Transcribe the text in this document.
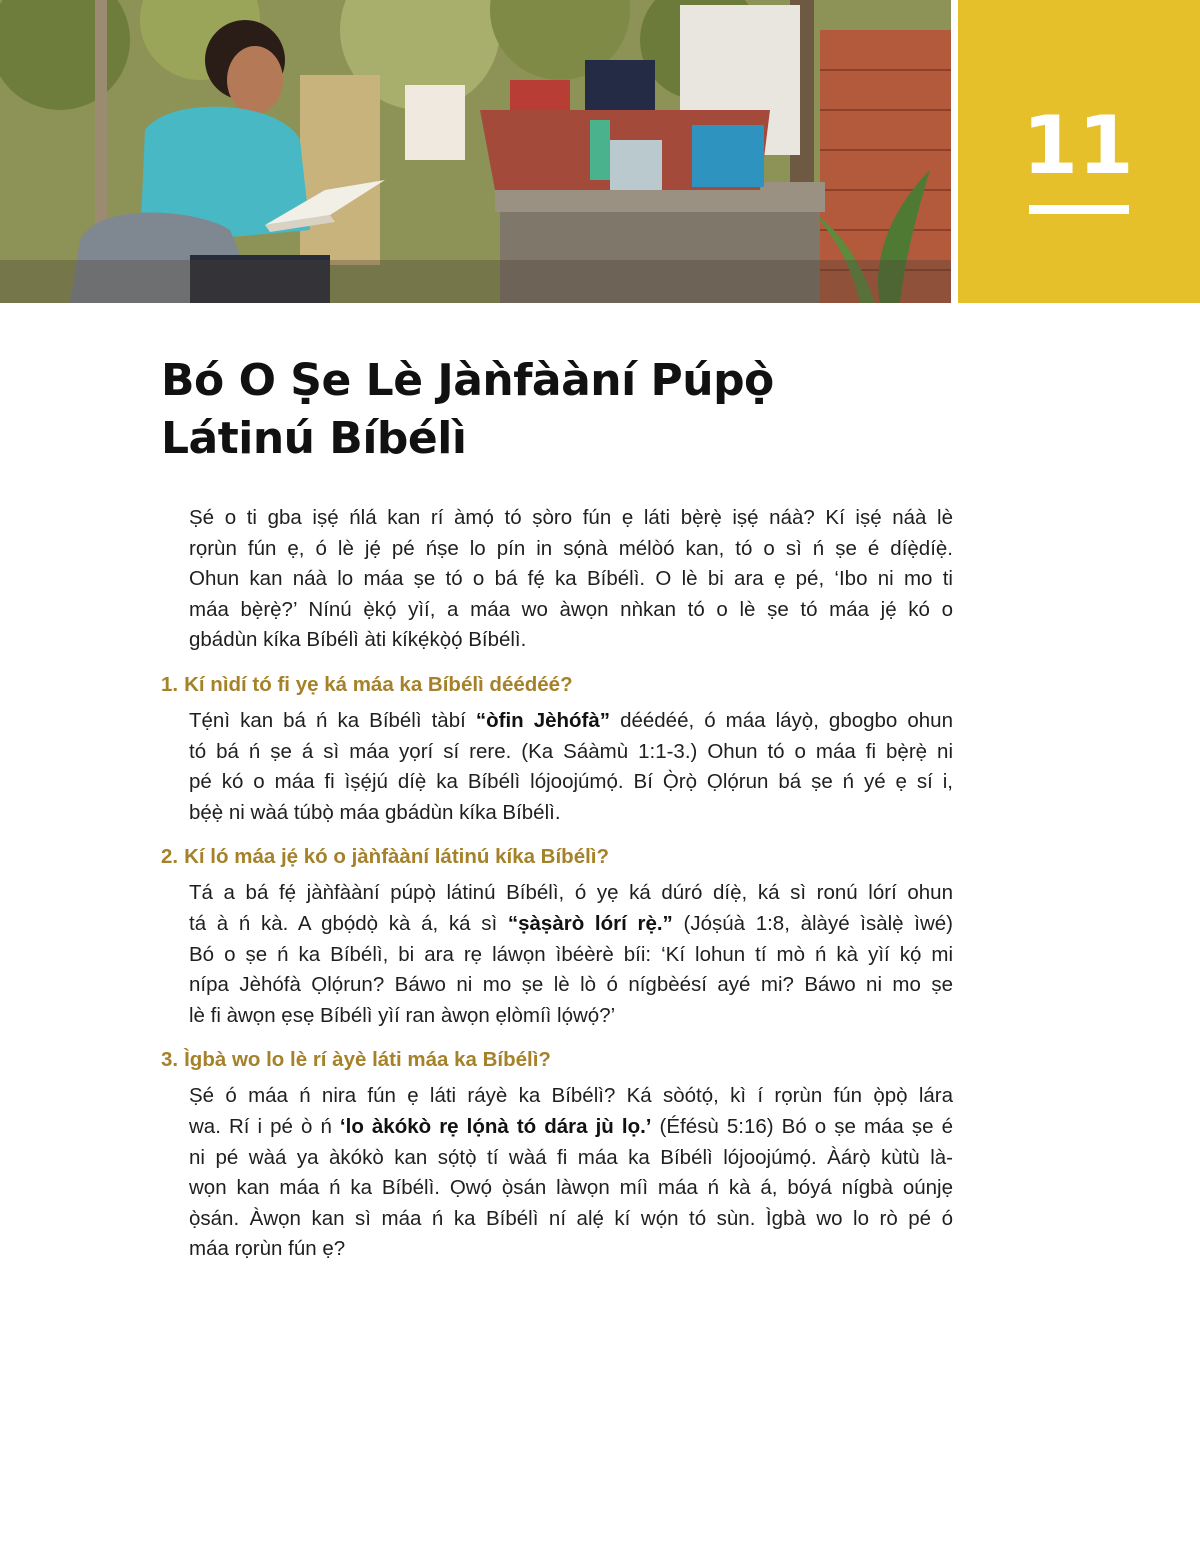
11
Bó O Ṣe Lè Jàǹfààní Púpọ̀
Látinú Bíbélì

Ṣé o ti gba iṣẹ́ ńlá kan rí àmọ́ tó ṣòro fún ẹ láti bẹ̀rẹ̀ iṣẹ́ náà? Kí iṣẹ́ náà lè
rọrùn fún ẹ, ó lè jẹ́ pé ńṣe lo pín in sọ́nà mélòó kan, tó o sì ń ṣe é díẹ̀díẹ̀.
Ohun kan náà lo máa ṣe tó o bá fẹ́ ka Bíbélì. O lè bi ara ẹ pé, ‘Ibo ni mo ti
máa bẹ̀rẹ̀?’ Nínú ẹ̀kọ́ yìí, a máa wo àwọn nǹkan tó o lè ṣe tó máa jẹ́ kó o
gbádùn kíka Bíbélì àti kíkẹ́kọ̀ọ́ Bíbélì.

1. Kí nìdí tó fi yẹ ká máa ka Bíbélì déédéé?

Tẹ́nì kan bá ń ka Bíbélì tàbí “òfin Jèhófà” déédéé, ó máa láyọ̀, gbogbo ohun
tó bá ń ṣe á sì máa yọrí sí rere. (Ka Sáàmù 1:1-3.) Ohun tó o máa fi bẹ̀rẹ̀ ni
pé kó o máa fi ìṣẹ́jú díẹ̀ ka Bíbélì lójoojúmọ́. Bí Ọ̀rọ̀ Ọlọ́run bá ṣe ń yé ẹ sí i,
bẹ́ẹ̀ ni wàá túbọ̀ máa gbádùn kíka Bíbélì.

2. Kí ló máa jẹ́ kó o jàǹfààní látinú kíka Bíbélì?

Tá a bá fẹ́ jàǹfààní púpọ̀ látinú Bíbélì, ó yẹ ká dúró díẹ̀, ká sì ronú lórí ohun
tá à ń kà. A gbọ́dọ̀ kà á, ká sì “ṣàṣàrò lórí rẹ̀.” (Jóṣúà 1:8, àlàyé ìsàlẹ̀ ìwé)
Bó o ṣe ń ka Bíbélì, bi ara rẹ láwọn ìbéèrè bíi: ‘Kí lohun tí mò ń kà yìí kọ́ mi
nípa Jèhófà Ọlọ́run? Báwo ni mo ṣe lè lò ó nígbèésí ayé mi? Báwo ni mo ṣe
lè fi àwọn ẹsẹ Bíbélì yìí ran àwọn ẹlòmíì lọ́wọ́?’

3. Ìgbà wo lo lè rí àyè láti máa ka Bíbélì?

Ṣé ó máa ń nira fún ẹ láti ráyè ka Bíbélì? Ká sòótọ́, kì í rọrùn fún ọ̀pọ̀ lára
wa. Rí i pé ò ń ‘lo àkókò rẹ lọ́nà tó dára jù lọ.’ (Éfésù 5:16) Bó o ṣe máa ṣe é
ni pé wàá ya àkókò kan sọ́tọ̀ tí wàá fi máa ka Bíbélì lójoojúmọ́. Àárọ̀ kùtù là-
wọn kan máa ń ka Bíbélì. Ọwọ́ ọ̀sán làwọn míì máa ń kà á, bóyá nígbà oúnjẹ
ọ̀sán. Àwọn kan sì máa ń ka Bíbélì ní alẹ́ kí wọ́n tó sùn. Ìgbà wo lo rò pé ó
máa rọrùn fún ẹ?
